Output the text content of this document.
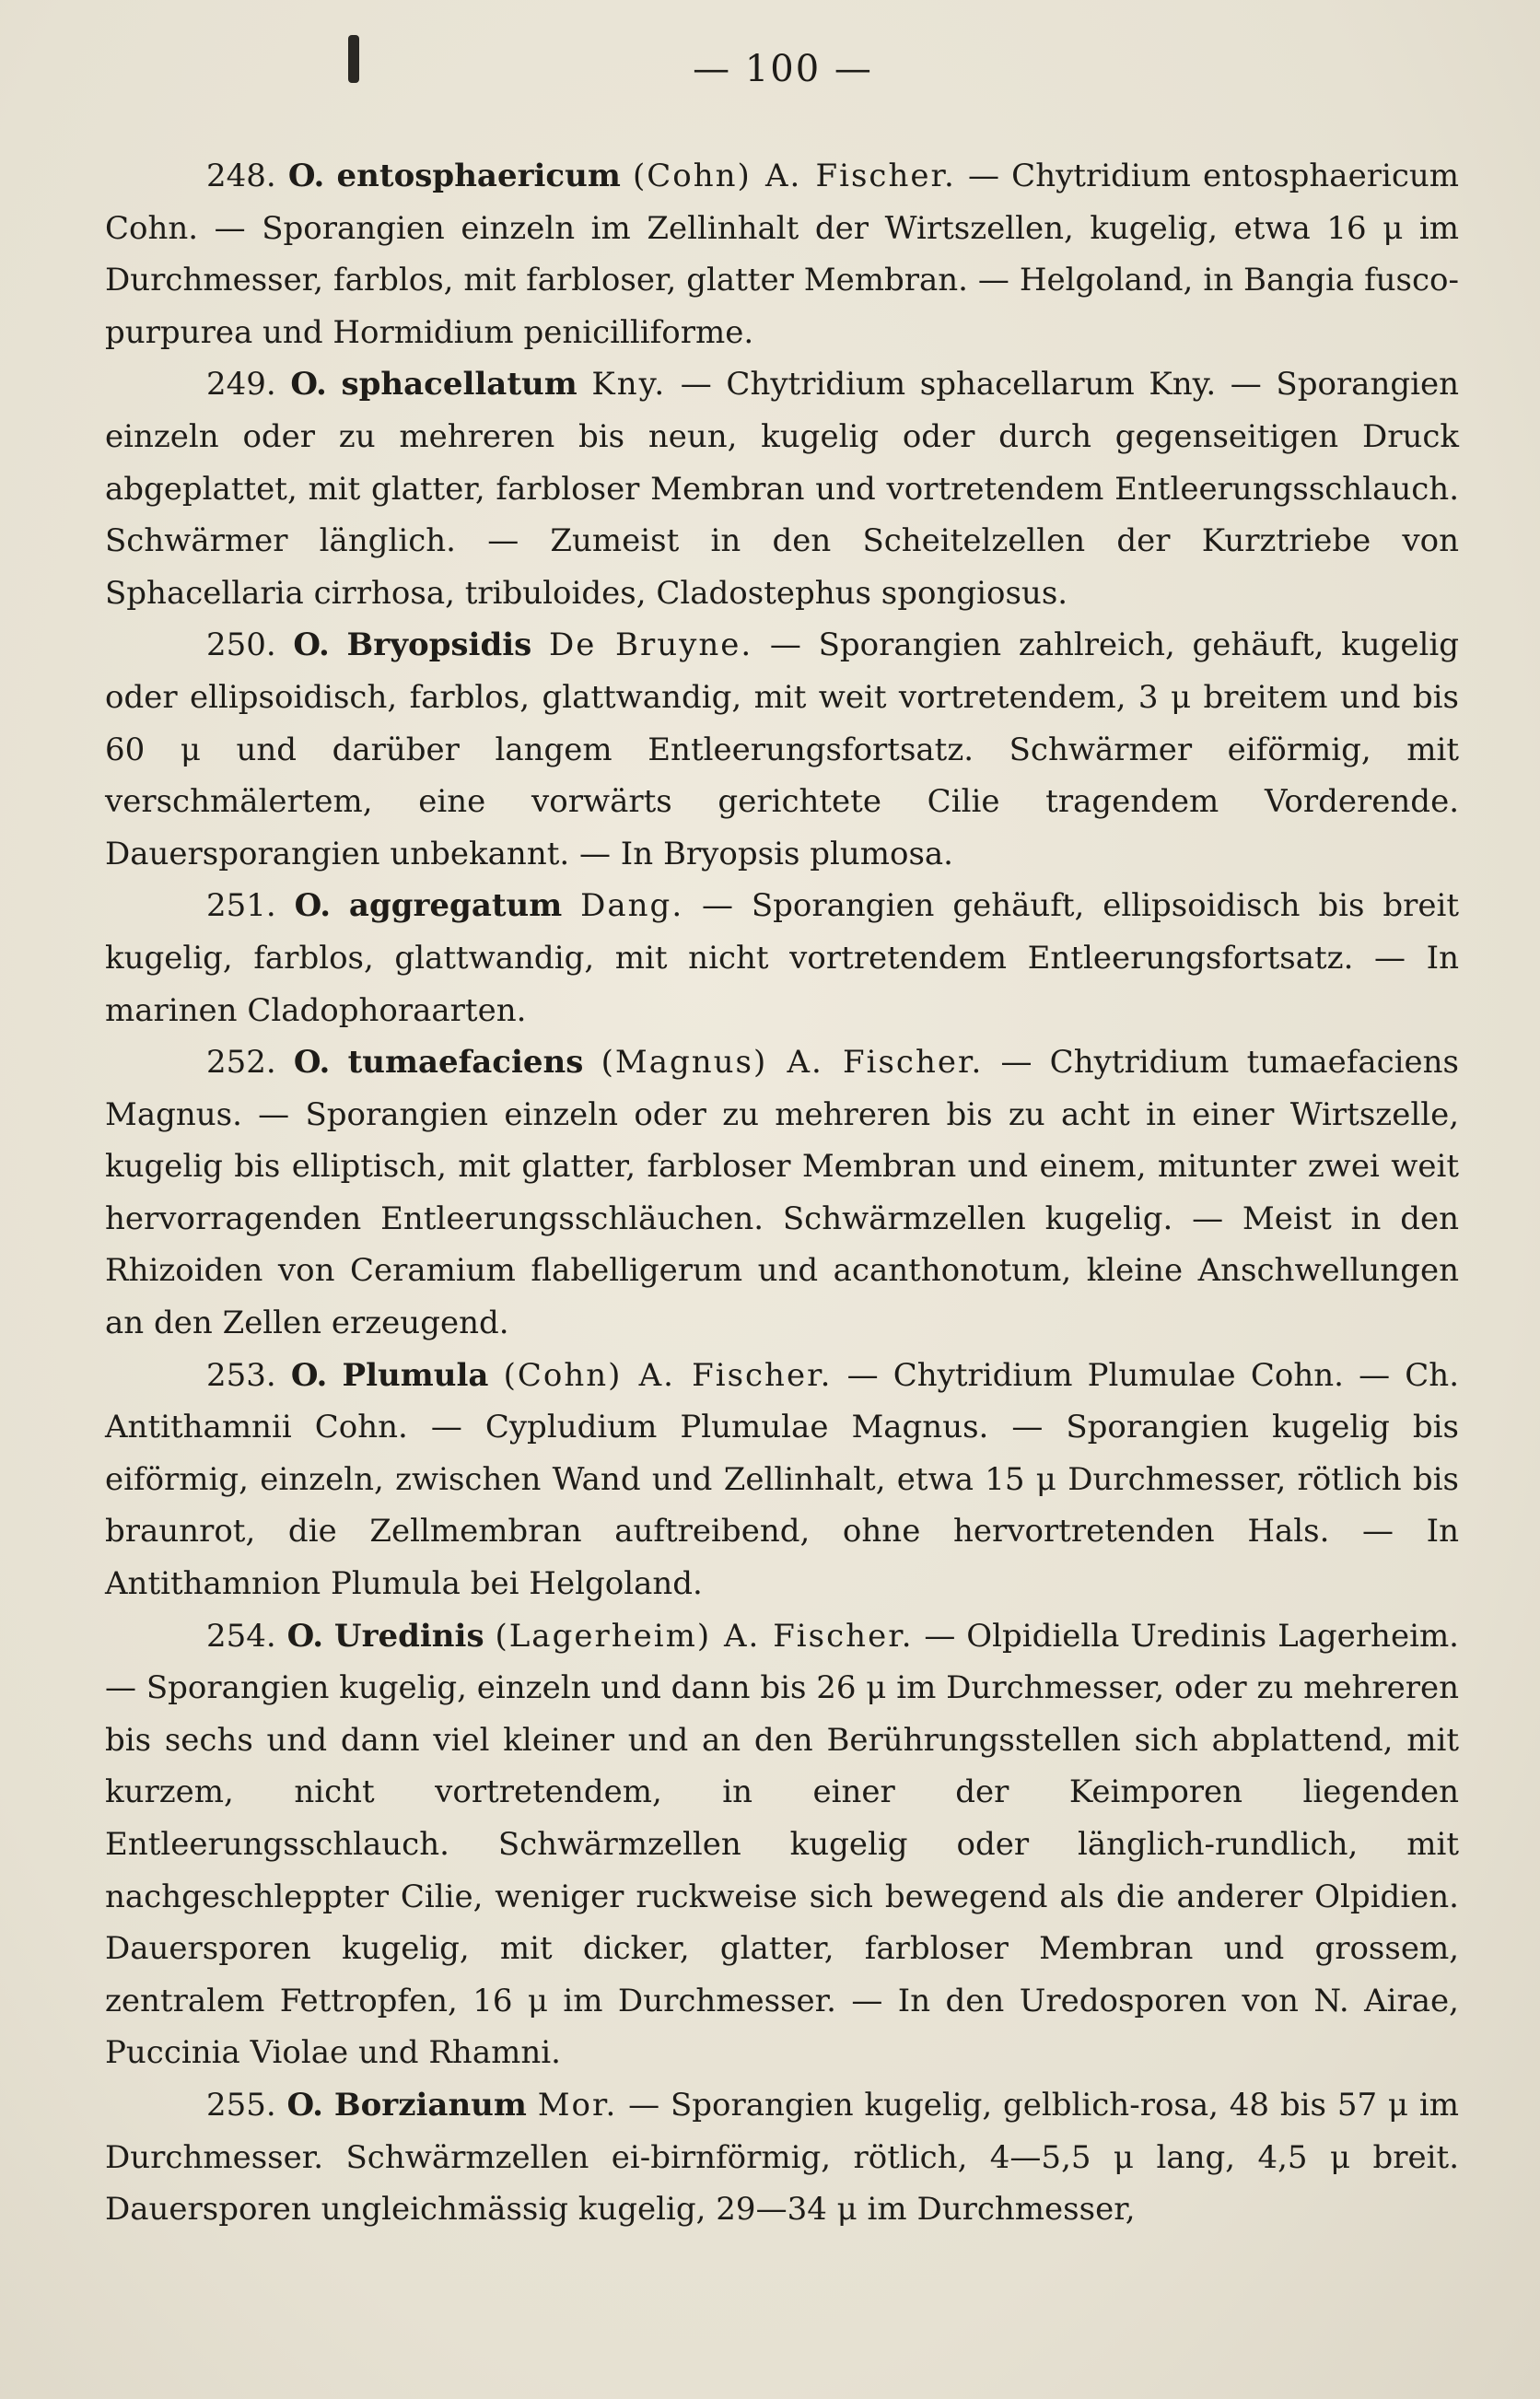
— 100 —

248. O. entosphaericum (Cohn) A. Fischer. — Chytridium entosphaericum Cohn. — Sporangien einzeln im Zellinhalt der Wirtszellen, kugelig, etwa 16 μ im Durchmesser, farblos, mit farbloser, glatter Membran. — Helgoland, in Bangia fusco-purpurea und Hormidium penicilliforme.

249. O. sphacellatum Kny. — Chytridium sphacellarum Kny. — Sporangien einzeln oder zu mehreren bis neun, kugelig oder durch gegenseitigen Druck abgeplattet, mit glatter, farbloser Membran und vortretendem Entleerungsschlauch. Schwärmer länglich. — Zumeist in den Scheitelzellen der Kurztriebe von Sphacellaria cirrhosa, tribuloides, Cladostephus spongiosus.

250. O. Bryopsidis De Bruyne. — Sporangien zahlreich, gehäuft, kugelig oder ellipsoidisch, farblos, glattwandig, mit weit vortretendem, 3 μ breitem und bis 60 μ und darüber langem Entleerungsfortsatz. Schwärmer eiförmig, mit verschmälertem, eine vorwärts gerichtete Cilie tragendem Vorderende. Dauersporangien unbekannt. — In Bryopsis plumosa.

251. O. aggregatum Dang. — Sporangien gehäuft, ellipsoidisch bis breit kugelig, farblos, glattwandig, mit nicht vortretendem Entleerungsfortsatz. — In marinen Cladophoraarten.

252. O. tumaefaciens (Magnus) A. Fischer. — Chytridium tumaefaciens Magnus. — Sporangien einzeln oder zu mehreren bis zu acht in einer Wirtszelle, kugelig bis elliptisch, mit glatter, farbloser Membran und einem, mitunter zwei weit hervorragenden Entleerungsschläuchen. Schwärmzellen kugelig. — Meist in den Rhizoiden von Ceramium flabelligerum und acanthonotum, kleine Anschwellungen an den Zellen erzeugend.

253. O. Plumula (Cohn) A. Fischer. — Chytridium Plumulae Cohn. — Ch. Antithamnii Cohn. — Cypludium Plumulae Magnus. — Sporangien kugelig bis eiförmig, einzeln, zwischen Wand und Zellinhalt, etwa 15 μ Durchmesser, rötlich bis braunrot, die Zellmembran auftreibend, ohne hervortretenden Hals. — In Antithamnion Plumula bei Helgoland.

254. O. Uredinis (Lagerheim) A. Fischer. — Olpidiella Uredinis Lagerheim. — Sporangien kugelig, einzeln und dann bis 26 μ im Durchmesser, oder zu mehreren bis sechs und dann viel kleiner und an den Berührungsstellen sich abplattend, mit kurzem, nicht vortretendem, in einer der Keimporen liegenden Entleerungsschlauch. Schwärmzellen kugelig oder länglich-rundlich, mit nachgeschleppter Cilie, weniger ruckweise sich bewegend als die anderer Olpidien. Dauersporen kugelig, mit dicker, glatter, farbloser Membran und grossem, zentralem Fettropfen, 16 μ im Durchmesser. — In den Uredosporen von N. Airae, Puccinia Violae und Rhamni.

255. O. Borzianum Mor. — Sporangien kugelig, gelblich-rosa, 48 bis 57 μ im Durchmesser. Schwärmzellen ei-birnförmig, rötlich, 4—5,5 μ lang, 4,5 μ breit. Dauersporen ungleichmässig kugelig, 29—34 μ im Durchmesser,
